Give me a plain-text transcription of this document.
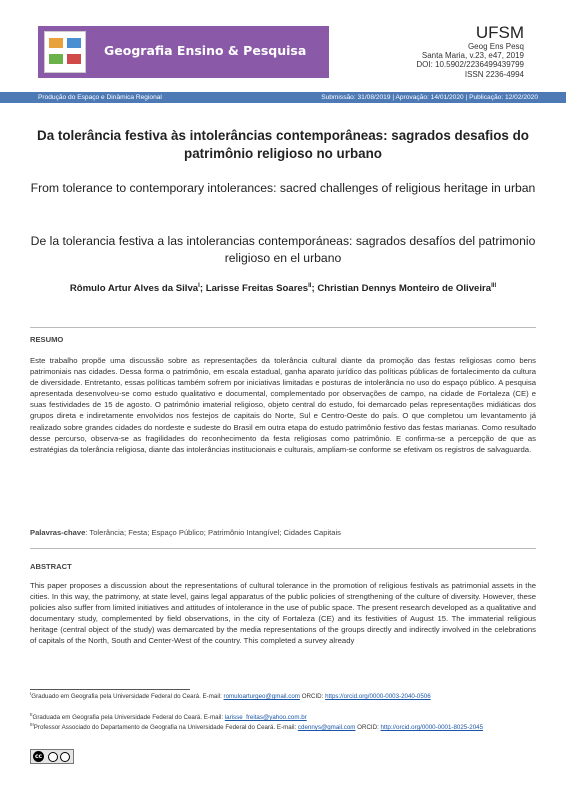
Geografia Ensino & Pesquisa
UFSM
Geog Ens Pesq
Santa Maria, v.23, e47, 2019
DOI: 10.5902/2236499439799
ISSN 2236-4994
Produção do Espaço e Dinâmica Regional	Submissão: 31/08/2019 | Aprovação: 14/01/2020 | Publicação: 12/02/2020
Da tolerância festiva às intolerâncias contemporâneas: sagrados desafios do patrimônio religioso no urbano
From tolerance to contemporary intolerances: sacred challenges of religious heritage in urban
De la tolerancia festiva a las intolerancias contemporáneas: sagrados desafíos del patrimonio religioso en el urbano
Rômulo Artur Alves da Silva$^I$; Larisse Freitas Soares$^{II}$; Christian Dennys Monteiro de Oliveira$^{III}$
RESUMO
Este trabalho propõe uma discussão sobre as representações da tolerância cultural diante da promoção das festas religiosas como bens patrimoniais nas cidades. Dessa forma o patrimônio, em escala estadual, ganha aparato jurídico das políticas públicas de fortalecimento da cultura de diversidade. Entretanto, essas políticas também sofrem por iniciativas limitadas e posturas de intolerância no uso do espaço público. A pesquisa apresentada desenvolveu-se como estudo qualitativo e documental, complementado por observações de campo, na cidade de Fortaleza (CE) e suas festividades de 15 de agosto. O patrimônio imaterial religioso, objeto central do estudo, foi demarcado pelas representações midiáticas dos grupos direta e indiretamente envolvidos nos festejos de capitais do Norte, Sul e Centro-Oeste do país. O que completou um levantamento já realizado sobre grandes cidades do nordeste e sudeste do Brasil em outra etapa do estudo patrimônio festivo das festas marianas. Como resultado desse percurso, observa-se as fragilidades do reconhecimento da festa religiosas como patrimônio. E confirma-se a percepção de que as estratégias da tolerância religiosa, diante das intolerâncias institucionais e culturais, ampliam-se conforme se efetivam os registros de salvaguarda.
Palavras-chave: Tolerância; Festa; Espaço Público; Patrimônio Intangível; Cidades Capitais
ABSTRACT
This paper proposes a discussion about the representations of cultural tolerance in the promotion of religious festivals as patrimonial assets in the cities. In this way, the patrimony, at state level, gains legal apparatus of the public policies of strengthening of the culture of diversity. However, these policies also suffer from limited initiatives and attitudes of intolerance in the use of public space. The present research developed as a qualitative and documentary study, complemented by field observations, in the city of Fortaleza (CE) and its festivities of August 15. The immaterial religious heritage (central object of the study) was demarcated by the media representations of the groups directly and indirectly involved in the celebrations of capitals of the North, South and Center-West of the country. This completed a survey already
$^I$Graduado em Geografia pela Universidade Federal do Ceará. E-mail: romuloarturgeo@gmail.com ORCID: https://orcid.org/0000-0003-2040-0506
$^{II}$Graduada em Geografia pela Universidade Federal do Ceará. E-mail: larisse_freitas@yahoo.com.br
$^{III}$Professor Associado do Departamento de Geografia na Universidade Federal do Ceará. E-mail: cdennys@gmail.com ORCID: http://orcid.org/0000-0001-8025-2045
cc
